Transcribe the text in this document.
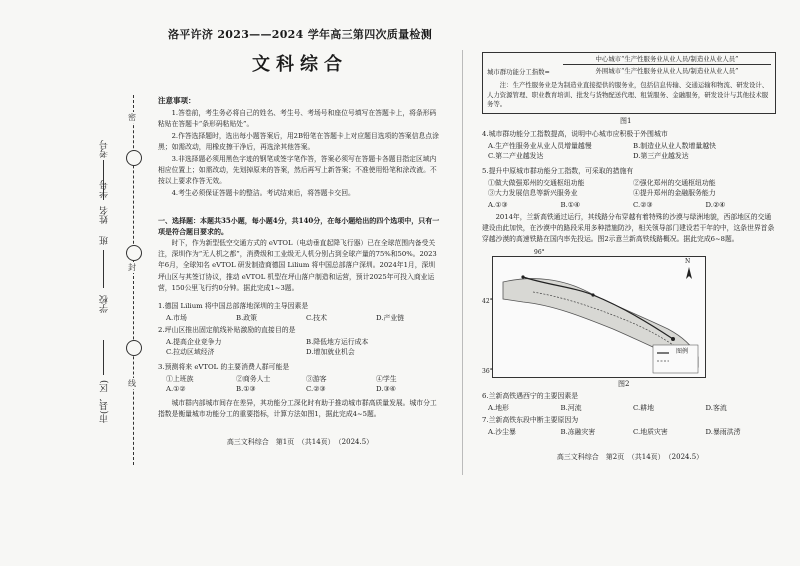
密
封
线
市(县、区)
学校
班
姓名
考号
学号
洛平许济 2023——2024 学年高三第四次质量检测
文科综合
注意事项：
1.答卷前，考生务必将自己的姓名、考生号、考场号和座位号填写在答题卡上，将条形码粘贴在答题卡“条形码粘贴处”。
2.作答选择题时，选出每小题答案后，用2B铅笔在答题卡上对应题目选项的答案信息点涂黑；如需改动，用橡皮擦干净后，再选涂其他答案。
3.非选择题必须用黑色字迹的钢笔或签字笔作答，答案必须写在答题卡各题目指定区域内相应位置上；如需改动，先划掉原来的答案，然后再写上新答案；不准使用铅笔和涂改液。不按以上要求作答无效。
4.考生必须保证答题卡的整洁。考试结束后，将答题卡交回。
一、选择题：本题共35小题，每小题4分，共140分，在每小题给出的四个选项中，只有一项是符合题目要求的。
时下，作为新型低空交通方式的 eVTOL（电动垂直起降飞行器）已在全球范围内备受关注，深圳作为“无人机之都”，消费级和工业级无人机分别占到全球产量的75%和50%。2023年6月，全球知名 eVTOL 研发制造商德国 Lilium 将中国总部落户深圳。2024年1月，深圳坪山区与其签订协议，推动 eVTOL 机型在坪山落户制造和运营，预计2025年可投入商业运营，150公里飞行约0分钟。据此完成1~3题。
1.德国 Lilium 将中国总部落地深圳的主导因素是
A.市场	B.政策	C.技术	D.产业链
2.坪山区推出固定航线补贴激励的直接目的是
A.提高企业竞争力	B.降低地方运行成本
C.拉动区域经济	D.增加就业机会
3.预测将来 eVTOL 的主要消费人群可能是
①上班族	②商务人士	③游客	④学生
A.①②	B.①③	C.②③	D.③④
城市群内部城市间存在差异，其功能分工深化时有助于推动城市群高质量发展。城市分工指数是衡量城市功能分工的重要指标，计算方法如图1，据此完成4~5题。
高三文科综合　第1页　（共14页）　（2024.5）
城市群功能分工指数=
中心城市“生产性服务业从业人员/制造业从业人员”
外围城市“生产性服务业从业人员/制造业从业人员”
注：生产性服务业是为制造业直接提供的服务业，包括信息传输、交通运输和物流、研发设计、人力资源管理、职业教育培训、批发与货物配送代理、租赁服务、金融服务，研发设计与其他技术服务等。
图1
4.城市群功能分工指数提高，说明中心城市应积极于外围城市
A.生产性服务业从业人员增量越慢	B.制造业从业人数增量越快
C.第二产业越发达	D.第三产业越发达
5.提升中原城市群功能分工指数，可采取的措施有
①做大做强郑州的交通枢纽功能	②强化郑州的交通枢纽功能
③大力发展信息等新兴服务业	④提升郑州的金融服务能力
A.①③	B.①④	C.②③	D.②④
2014年，兰新高铁通过运行，其线路分布穿越有着特殊的沙漠与绿洲地貌，西部地区的交通建设由此加快，在沙漠中的路段采用多种措施防沙，相关领导部门建设若干年的中，这条世界首条穿越沙漠的高速铁路在国内率先投运。图2示意兰新高铁线路概况。据此完成6~8题。
96°
42°
36°
N
图例
图2
6.兰新高铁遇西宁的主要因素是
A.地形	B.河流	C.耕地	D.客流
7.兰新高铁东段中断主要原因为
A.沙尘暴	B.冻融灾害	C.地质灾害	D.暴雨洪涝
高三文科综合　第2页　（共14页）　（2024.5）
